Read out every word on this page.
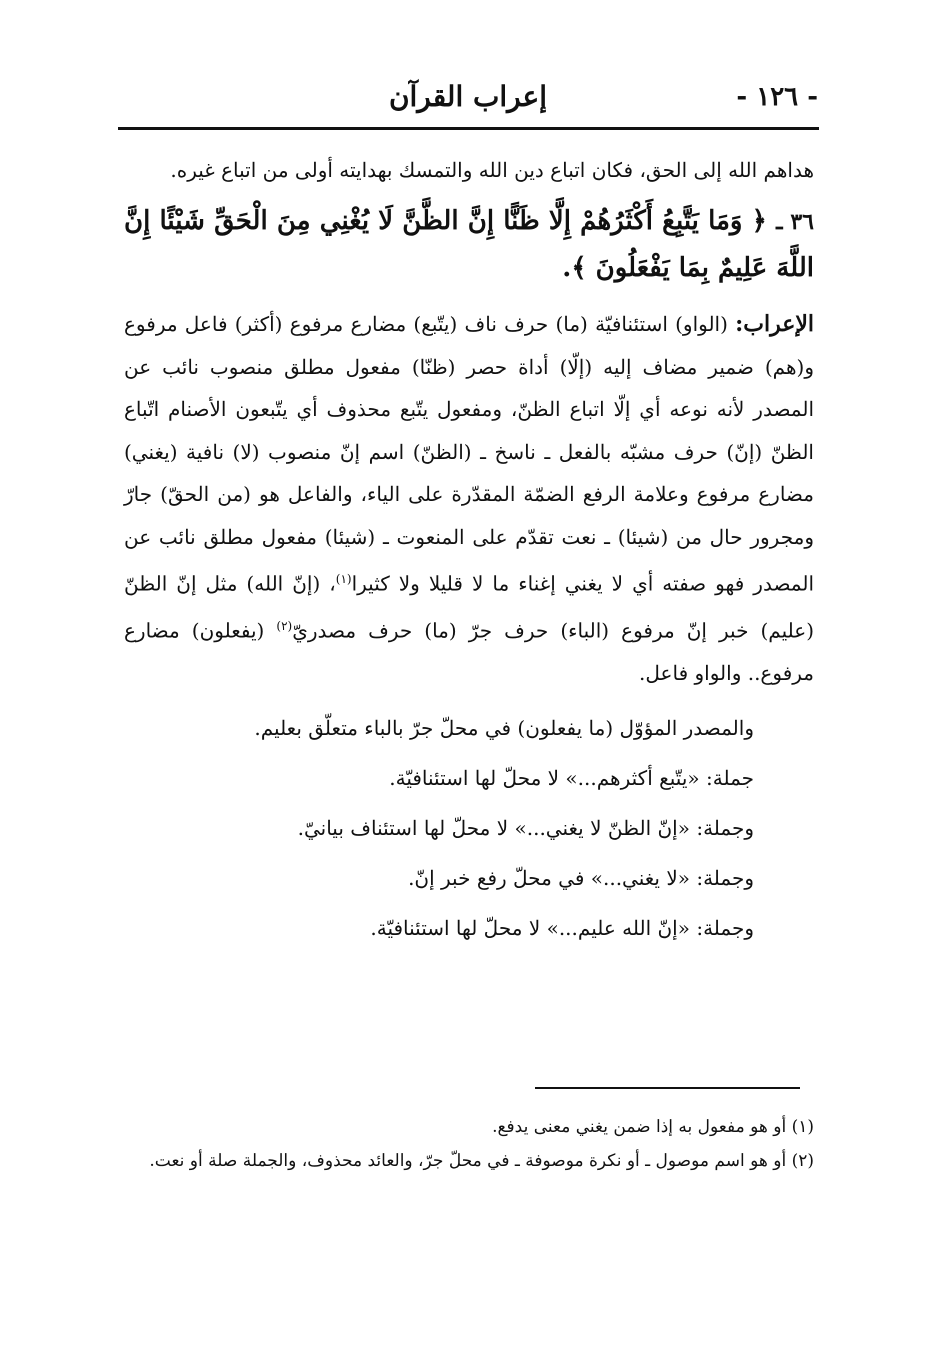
- ١٢٦ -
إعراب القرآن

هداهم الله إلى الحق، فكان اتباع دين الله والتمسك بهدايته أولى من اتباع غيره.

٣٦ ـ ﴿ وَمَا يَتَّبِعُ أَكْثَرُهُمْ إِلَّا ظَنًّا إِنَّ الظَّنَّ لَا يُغْنِي مِنَ الْحَقِّ شَيْئًا إِنَّ اللَّهَ عَلِيمٌ بِمَا يَفْعَلُونَ ﴾.

الإعراب: (الواو) استئنافيّة (ما) حرف ناف (يتّبع) مضارع مرفوع (أكثر) فاعل مرفوع و(هم) ضمير مضاف إليه (إلّا) أداة حصر (ظنّا) مفعول مطلق منصوب نائب عن المصدر لأنه نوعه أي إلّا اتباع الظنّ، ومفعول يتّبع محذوف أي يتّبعون الأصنام اتّباع الظنّ (إنّ) حرف مشبّه بالفعل ـ ناسخ ـ (الظنّ) اسم إنّ منصوب (لا) نافية (يغني) مضارع مرفوع وعلامة الرفع الضمّة المقدّرة على الياء، والفاعل هو (من الحقّ) جارّ ومجرور حال من (شيئا) ـ نعت تقدّم على المنعوت ـ (شيئا) مفعول مطلق نائب عن المصدر فهو صفته أي لا يغني إغناء ما لا قليلا ولا كثيرا$^{(١)}$، (إنّ الله) مثل إنّ الظنّ (عليم) خبر إنّ مرفوع (الباء) حرف جرّ (ما) حرف مصدريّ$^{(٢)}$ (يفعلون) مضارع مرفوع.. والواو فاعل.

والمصدر المؤوّل (ما يفعلون) في محلّ جرّ بالباء متعلّق بعليم.

جملة: «يتّبع أكثرهم...» لا محلّ لها استئنافيّة.

وجملة: «إنّ الظنّ لا يغني...» لا محلّ لها استئناف بيانيّ.

وجملة: «لا يغني...» في محلّ رفع خبر إنّ.

وجملة: «إنّ الله عليم...» لا محلّ لها استئنافيّة.

(١) أو هو مفعول به إذا ضمن يغني معنى يدفع.

(٢) أو هو اسم موصول ـ أو نكرة موصوفة ـ في محلّ جرّ، والعائد محذوف، والجملة صلة أو نعت.
